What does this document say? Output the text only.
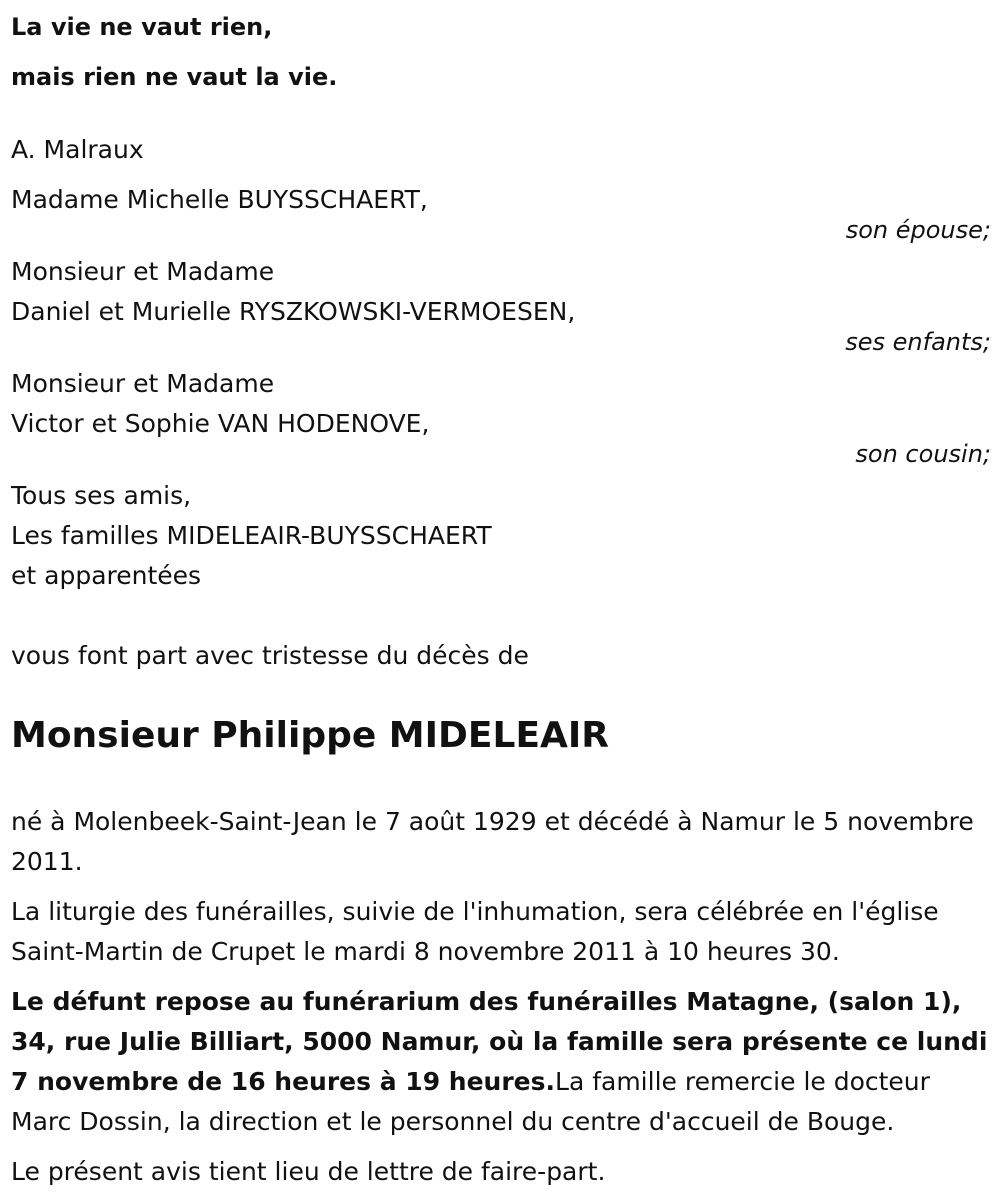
La vie ne vaut rien,
mais rien ne vaut la vie.
A. Malraux
Madame Michelle BUYSSCHAERT,
son épouse;
Monsieur et Madame
Daniel et Murielle RYSZKOWSKI-VERMOESEN,
ses enfants;
Monsieur et Madame
Victor et Sophie VAN HODENOVE,
son cousin;
Tous ses amis,
Les familles MIDELEAIR-BUYSSCHAERT
et apparentées
vous font part avec tristesse du décès de
Monsieur Philippe MIDELEAIR
né à Molenbeek-Saint-Jean le 7 août 1929 et décédé à Namur le 5 novembre 2011.
La liturgie des funérailles, suivie de l'inhumation, sera célébrée en l'église Saint-Martin de Crupet le mardi 8 novembre 2011 à 10 heures 30.
Le défunt repose au funérarium des funérailles Matagne, (salon 1), 34, rue Julie Billiart, 5000 Namur, où la famille sera présente ce lundi 7 novembre de 16 heures à 19 heures.La famille remercie le docteur Marc Dossin, la direction et le personnel du centre d'accueil de Bouge.
Le présent avis tient lieu de lettre de faire-part.
